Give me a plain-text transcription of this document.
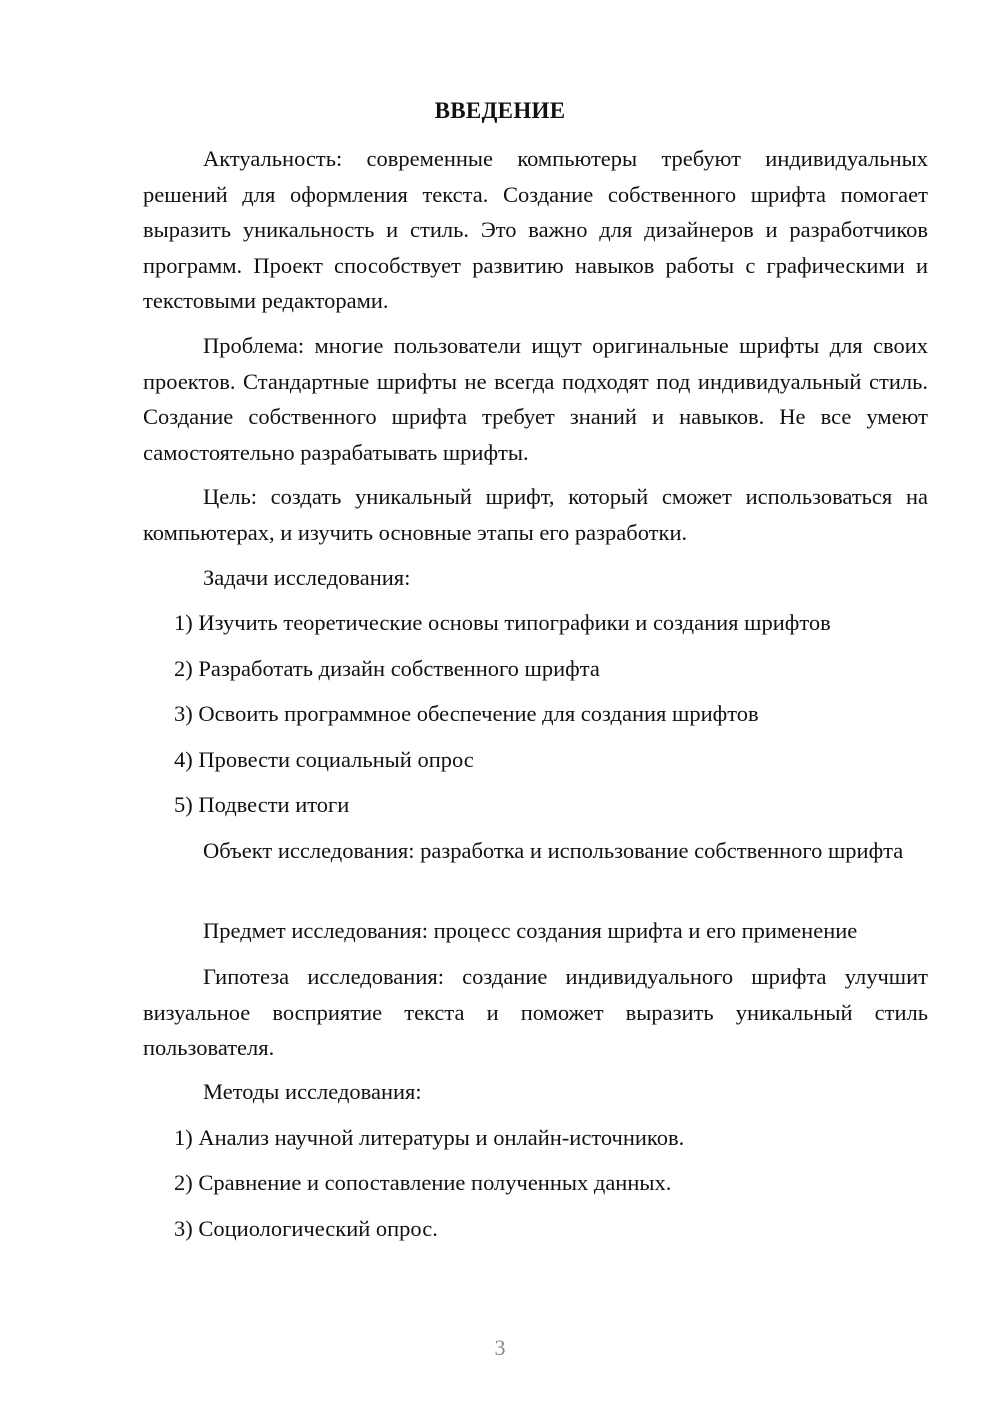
ВВЕДЕНИЕ

Актуальность: современные компьютеры требуют индивидуальных решений для оформления текста. Создание собственного шрифта помогает выразить уникальность и стиль. Это важно для дизайнеров и разработчиков программ. Проект способствует развитию навыков работы с графическими и текстовыми редакторами.

Проблема: многие пользователи ищут оригинальные шрифты для своих проектов. Стандартные шрифты не всегда подходят под индивидуальный стиль. Создание собственного шрифта требует знаний и навыков. Не все умеют самостоятельно разрабатывать шрифты.

Цель: создать уникальный шрифт, который сможет использоваться на компьютерах, и изучить основные этапы его разработки.

Задачи исследования:
1) Изучить теоретические основы типографики и создания шрифтов
2) Разработать дизайн собственного шрифта
3) Освоить программное обеспечение для создания шрифтов
4) Провести социальный опрос
5) Подвести итоги

Объект исследования: разработка и использование собственного шрифта

Предмет исследования: процесс создания шрифта и его применение

Гипотеза исследования: создание индивидуального шрифта улучшит визуальное восприятие текста и поможет выразить уникальный стиль пользователя.

Методы исследования:
1) Анализ научной литературы и онлайн-источников.
2) Сравнение и сопоставление полученных данных.
3) Социологический опрос.
3
